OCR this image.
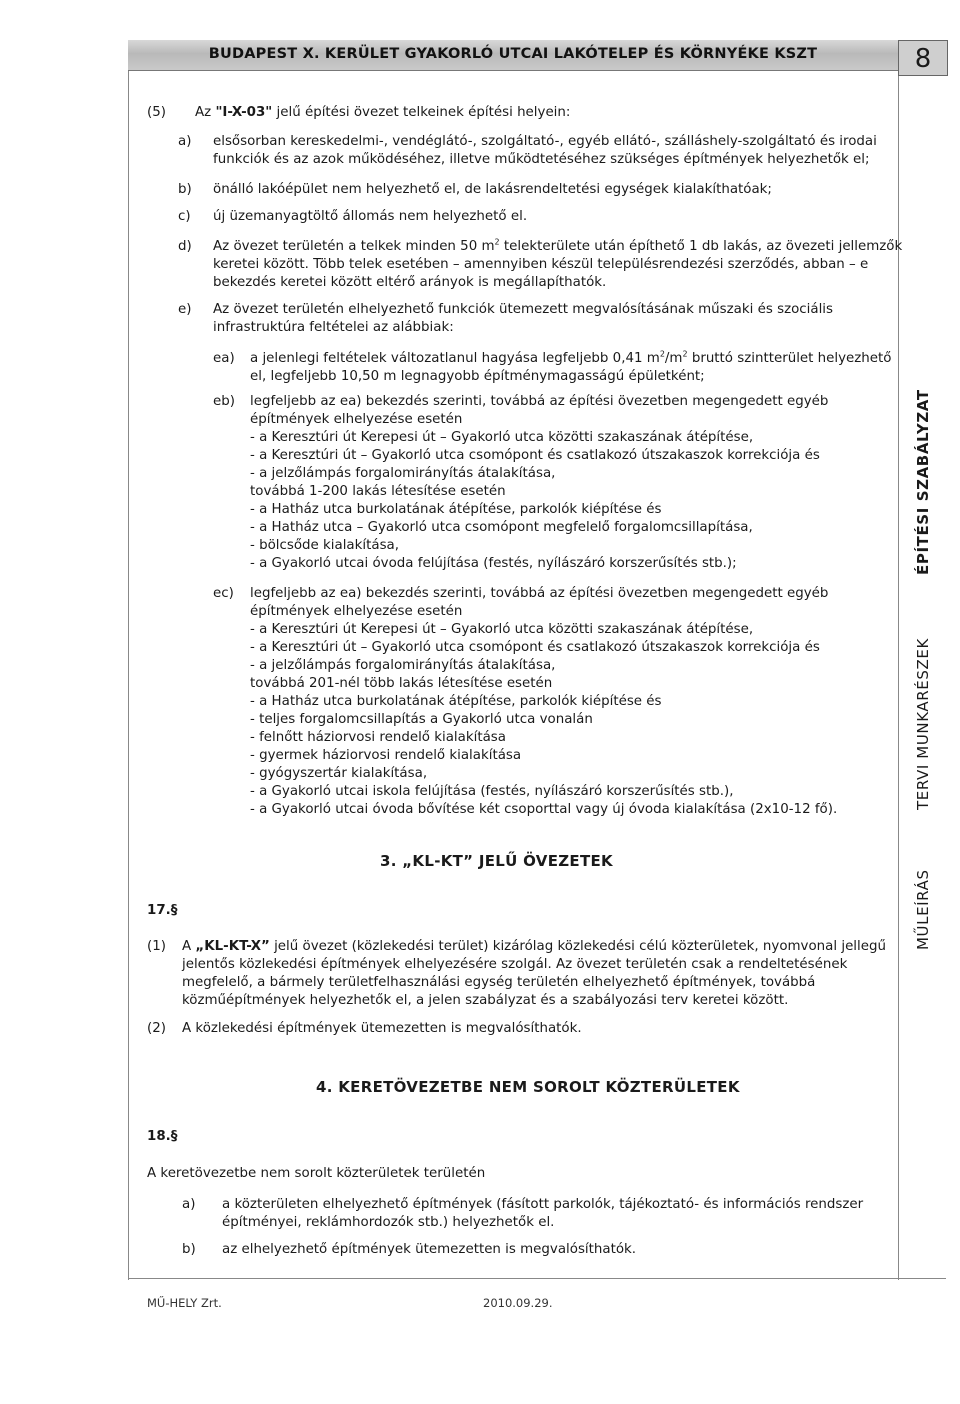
BUDAPEST X. KERÜLET GYAKORLÓ UTCAI LAKÓTELEP ÉS KÖRNYÉKE KSZT	8
ÉPÍTÉSI SZABÁLYZAT
TERVI MUNKARÉSZEK
MŰLEÍRÁS
(5) Az "I-X-03" jelű építési övezet telkeinek építési helyein:
a) elsősorban kereskedelmi-, vendéglátó-, szolgáltató-, egyéb ellátó-, szálláshely-szolgáltató és irodai
funkciók és az azok működéséhez, illetve működtetéséhez szükséges építmények helyezhetők el;
b) önálló lakóépület nem helyezhető el, de lakásrendeltetési egységek kialakíthatóak;
c) új üzemanyagtöltő állomás nem helyezhető el.
d) Az övezet területén a telkek minden 50 $m^2$ telekterülete után építhető 1 db lakás, az övezeti jellemzők
keretei között. Több telek esetében – amennyiben készül településrendezési szerződés, abban – e
bekezdés keretei között eltérő arányok is megállapíthatók.
e) Az övezet területén elhelyezhető funkciók ütemezett megvalósításának műszaki és szociális
infrastruktúra feltételei az alábbiak:
ea) a jelenlegi feltételek változatlanul hagyása legfeljebb 0,41 $m^2/m^2$ bruttó szintterület helyezhető
el, legfeljebb 10,50 m legnagyobb építménymagasságú épületként;
eb) legfeljebb az ea) bekezdés szerinti, továbbá az építési övezetben megengedett egyéb
építmények elhelyezése esetén
- a Keresztúri út Kerepesi út – Gyakorló utca közötti szakaszának átépítése,
- a Keresztúri út – Gyakorló utca csomópont és csatlakozó útszakaszok korrekciója és
- a jelzőlámpás forgalomirányítás átalakítása,
továbbá 1-200 lakás létesítése esetén
- a Hatház utca burkolatának átépítése, parkolók kiépítése és
- a Hatház utca – Gyakorló utca csomópont megfelelő forgalomcsillapítása,
- bölcsőde kialakítása,
- a Gyakorló utcai óvoda felújítása (festés, nyílászáró korszerűsítés stb.);
ec) legfeljebb az ea) bekezdés szerinti, továbbá az építési övezetben megengedett egyéb
építmények elhelyezése esetén
- a Keresztúri út Kerepesi út – Gyakorló utca közötti szakaszának átépítése,
- a Keresztúri út – Gyakorló utca csomópont és csatlakozó útszakaszok korrekciója és
- a jelzőlámpás forgalomirányítás átalakítása,
továbbá 201-nél több lakás létesítése esetén
- a Hatház utca burkolatának átépítése, parkolók kiépítése és
- teljes forgalomcsillapítás a Gyakorló utca vonalán
- felnőtt háziorvosi rendelő kialakítása
- gyermek háziorvosi rendelő kialakítása
- gyógyszertár kialakítása,
- a Gyakorló utcai iskola felújítása (festés, nyílászáró korszerűsítés stb.),
- a Gyakorló utcai óvoda bővítése két csoporttal vagy új óvoda kialakítása (2x10-12 fő).
3. „KL-KT” JELŰ ÖVEZETEK
17.§
(1) A „KL-KT-X” jelű övezet (közlekedési terület) kizárólag közlekedési célú közterületek, nyomvonal jellegű
jelentős közlekedési építmények elhelyezésére szolgál. Az övezet területén csak a rendeltetésének
megfelelő, a bármely területfelhasználási egység területén elhelyezhető építmények, továbbá
közműépítmények helyezhetők el, a jelen szabályzat és a szabályozási terv keretei között.
(2) A közlekedési építmények ütemezetten is megvalósíthatók.
4. KERETÖVEZETBE NEM SOROLT KÖZTERÜLETEK
18.§
A keretövezetbe nem sorolt közterületek területén
a) a közterületen elhelyezhető építmények (fásított parkolók, tájékoztató- és információs rendszer
építményei, reklámhordozók stb.) helyezhetők el.
b) az elhelyezhető építmények ütemezetten is megvalósíthatók.
MŰ-HELY Zrt.	2010.09.29.
